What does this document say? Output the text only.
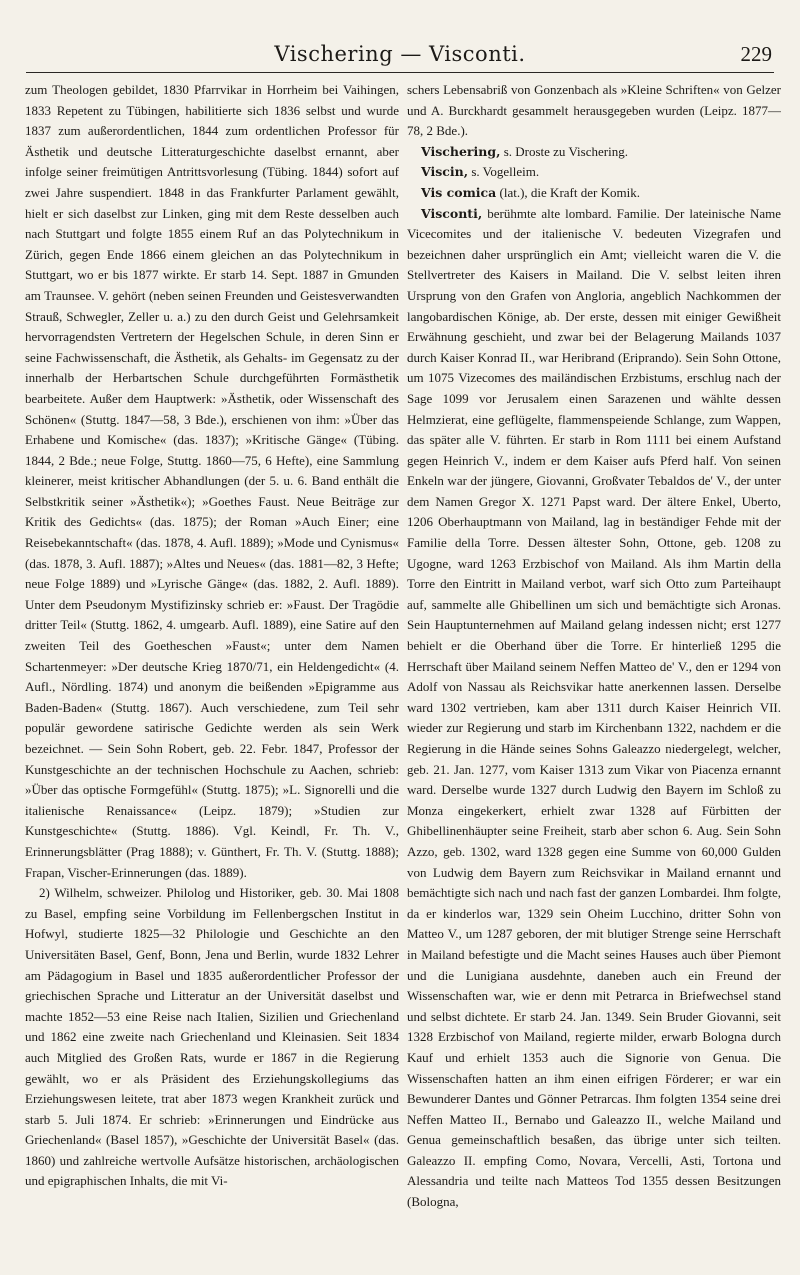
Vischering — Visconti.	229

zum Theologen gebildet, 1830 Pfarrvikar in Horrheim bei Vaihingen, 1833 Repetent zu Tübingen, habilitierte sich 1836 selbst und wurde 1837 zum außerordentlichen, 1844 zum ordentlichen Professor für Ästhetik und deutsche Litteraturgeschichte daselbst ernannt, aber infolge seiner freimütigen Antrittsvorlesung (Tübing. 1844) sofort auf zwei Jahre suspendiert. 1848 in das Frankfurter Parlament gewählt, hielt er sich daselbst zur Linken, ging mit dem Reste desselben auch nach Stuttgart und folgte 1855 einem Ruf an das Polytechnikum in Zürich, gegen Ende 1866 einem gleichen an das Polytechnikum in Stuttgart, wo er bis 1877 wirkte. Er starb 14. Sept. 1887 in Gmunden am Traunsee. V. gehört (neben seinen Freunden und Geistesverwandten Strauß, Schwegler, Zeller u. a.) zu den durch Geist und Gelehrsamkeit hervorragendsten Vertretern der Hegelschen Schule, in deren Sinn er seine Fachwissenschaft, die Ästhetik, als Gehalts- im Gegensatz zu der innerhalb der Herbartschen Schule durchgeführten Formästhetik bearbeitete. Außer dem Hauptwerk: »Ästhetik, oder Wissenschaft des Schönen« (Stuttg. 1847—58, 3 Bde.), erschienen von ihm: »Über das Erhabene und Komische« (das. 1837); »Kritische Gänge« (Tübing. 1844, 2 Bde.; neue Folge, Stuttg. 1860—75, 6 Hefte), eine Sammlung kleinerer, meist kritischer Abhandlungen (der 5. u. 6. Band enthält die Selbstkritik seiner »Ästhetik«); »Goethes Faust. Neue Beiträge zur Kritik des Gedichts« (das. 1875); der Roman »Auch Einer; eine Reisebekanntschaft« (das. 1878, 4. Aufl. 1889); »Mode und Cynismus« (das. 1878, 3. Aufl. 1887); »Altes und Neues« (das. 1881—82, 3 Hefte; neue Folge 1889) und »Lyrische Gänge« (das. 1882, 2. Aufl. 1889). Unter dem Pseudonym Mystifizinsky schrieb er: »Faust. Der Tragödie dritter Teil« (Stuttg. 1862, 4. umgearb. Aufl. 1889), eine Satire auf den zweiten Teil des Goetheschen »Faust«; unter dem Namen Schartenmeyer: »Der deutsche Krieg 1870/71, ein Heldengedicht« (4. Aufl., Nördling. 1874) und anonym die beißenden »Epigramme aus Baden-Baden« (Stuttg. 1867). Auch verschiedene, zum Teil sehr populär gewordene satirische Gedichte werden als sein Werk bezeichnet. — Sein Sohn Robert, geb. 22. Febr. 1847, Professor der Kunstgeschichte an der technischen Hochschule zu Aachen, schrieb: »Über das optische Formgefühl« (Stuttg. 1875); »L. Signorelli und die italienische Renaissance« (Leipz. 1879); »Studien zur Kunstgeschichte« (Stuttg. 1886). Vgl. Keindl, Fr. Th. V., Erinnerungsblätter (Prag 1888); v. Günthert, Fr. Th. V. (Stuttg. 1888); Frapan, Vischer-Erinnerungen (das. 1889).

2) Wilhelm, schweizer. Philolog und Historiker, geb. 30. Mai 1808 zu Basel, empfing seine Vorbildung im Fellenbergschen Institut in Hofwyl, studierte 1825—32 Philologie und Geschichte an den Universitäten Basel, Genf, Bonn, Jena und Berlin, wurde 1832 Lehrer am Pädagogium in Basel und 1835 außerordentlicher Professor der griechischen Sprache und Litteratur an der Universität daselbst und machte 1852—53 eine Reise nach Italien, Sizilien und Griechenland und 1862 eine zweite nach Griechenland und Kleinasien. Seit 1834 auch Mitglied des Großen Rats, wurde er 1867 in die Regierung gewählt, wo er als Präsident des Erziehungskollegiums das Erziehungswesen leitete, trat aber 1873 wegen Krankheit zurück und starb 5. Juli 1874. Er schrieb: »Erinnerungen und Eindrücke aus Griechenland« (Basel 1857), »Geschichte der Universität Basel« (das. 1860) und zahlreiche wertvolle Aufsätze historischen, archäologischen und epigraphischen Inhalts, die mit Vi-

schers Lebensabriß von Gonzenbach als »Kleine Schriften« von Gelzer und A. Burckhardt gesammelt herausgegeben wurden (Leipz. 1877—78, 2 Bde.).

Vischering, s. Droste zu Vischering.

Viscin, s. Vogelleim.

Vis comica (lat.), die Kraft der Komik.

Visconti, berühmte alte lombard. Familie. Der lateinische Name Vicecomites und der italienische V. bedeuten Vizegrafen und bezeichnen daher ursprünglich ein Amt; vielleicht waren die V. die Stellvertreter des Kaisers in Mailand. Die V. selbst leiten ihren Ursprung von den Grafen von Angloria, angeblich Nachkommen der langobardischen Könige, ab. Der erste, dessen mit einiger Gewißheit Erwähnung geschieht, und zwar bei der Belagerung Mailands 1037 durch Kaiser Konrad II., war Heribrand (Eriprando). Sein Sohn Ottone, um 1075 Vizecomes des mailändischen Erzbistums, erschlug nach der Sage 1099 vor Jerusalem einen Sarazenen und wählte dessen Helmzierat, eine geflügelte, flammenspeiende Schlange, zum Wappen, das später alle V. führten. Er starb in Rom 1111 bei einem Aufstand gegen Heinrich V., indem er dem Kaiser aufs Pferd half. Von seinen Enkeln war der jüngere, Giovanni, Großvater Tebaldos de' V., der unter dem Namen Gregor X. 1271 Papst ward. Der ältere Enkel, Uberto, 1206 Oberhauptmann von Mailand, lag in beständiger Fehde mit der Familie della Torre. Dessen ältester Sohn, Ottone, geb. 1208 zu Ugogne, ward 1263 Erzbischof von Mailand. Als ihm Martin della Torre den Eintritt in Mailand verbot, warf sich Otto zum Parteihaupt auf, sammelte alle Ghibellinen um sich und bemächtigte sich Aronas. Sein Hauptunternehmen auf Mailand gelang indessen nicht; erst 1277 behielt er die Oberhand über die Torre. Er hinterließ 1295 die Herrschaft über Mailand seinem Neffen Matteo de' V., den er 1294 von Adolf von Nassau als Reichsvikar hatte anerkennen lassen. Derselbe ward 1302 vertrieben, kam aber 1311 durch Kaiser Heinrich VII. wieder zur Regierung und starb im Kirchenbann 1322, nachdem er die Regierung in die Hände seines Sohns Galeazzo niedergelegt, welcher, geb. 21. Jan. 1277, vom Kaiser 1313 zum Vikar von Piacenza ernannt ward. Derselbe wurde 1327 durch Ludwig den Bayern im Schloß zu Monza eingekerkert, erhielt zwar 1328 auf Fürbitten der Ghibellinenhäupter seine Freiheit, starb aber schon 6. Aug. Sein Sohn Azzo, geb. 1302, ward 1328 gegen eine Summe von 60,000 Gulden von Ludwig dem Bayern zum Reichsvikar in Mailand ernannt und bemächtigte sich nach und nach fast der ganzen Lombardei. Ihm folgte, da er kinderlos war, 1329 sein Oheim Lucchino, dritter Sohn von Matteo V., um 1287 geboren, der mit blutiger Strenge seine Herrschaft in Mailand befestigte und die Macht seines Hauses auch über Piemont und die Lunigiana ausdehnte, daneben auch ein Freund der Wissenschaften war, wie er denn mit Petrarca in Briefwechsel stand und selbst dichtete. Er starb 24. Jan. 1349. Sein Bruder Giovanni, seit 1328 Erzbischof von Mailand, regierte milder, erwarb Bologna durch Kauf und erhielt 1353 auch die Signorie von Genua. Die Wissenschaften hatten an ihm einen eifrigen Förderer; er war ein Bewunderer Dantes und Gönner Petrarcas. Ihm folgten 1354 seine drei Neffen Matteo II., Bernabo und Galeazzo II., welche Mailand und Genua gemeinschaftlich besaßen, das übrige unter sich teilten. Galeazzo II. empfing Como, Novara, Vercelli, Asti, Tortona und Alessandria und teilte nach Matteos Tod 1355 dessen Besitzungen (Bologna,
